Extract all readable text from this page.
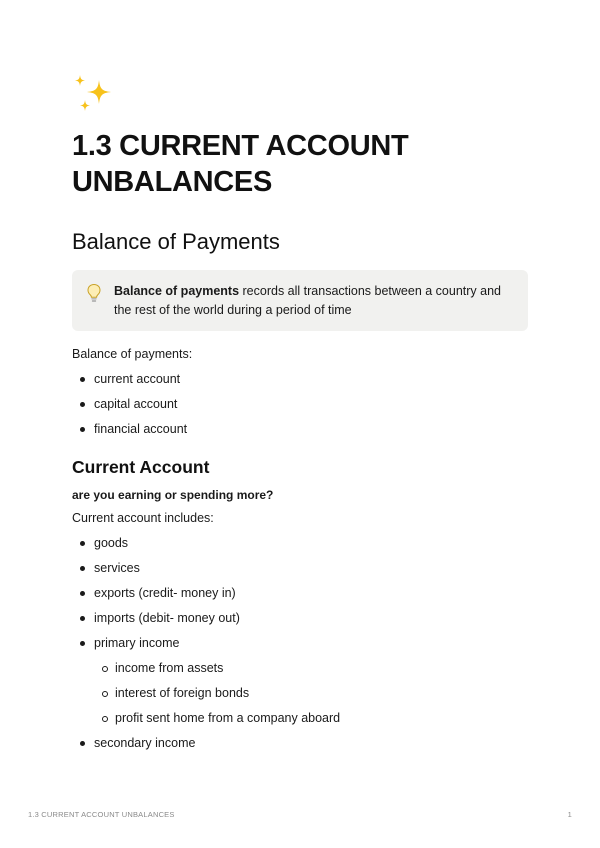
1.3 CURRENT ACCOUNT UNBALANCES
Balance of Payments
Balance of payments records all transactions between a country and the rest of the world during a period of time

Balance of payments:

current account
capital account
financial account
Current Account

are you earning or spending more?

Current account includes:

goods
services
exports (credit- money in)
imports (debit- money out)
primary income
income from assets
interest of foreign bonds
profit sent home from a company aboard
secondary income
1.3 CURRENT ACCOUNT UNBALANCES	1
